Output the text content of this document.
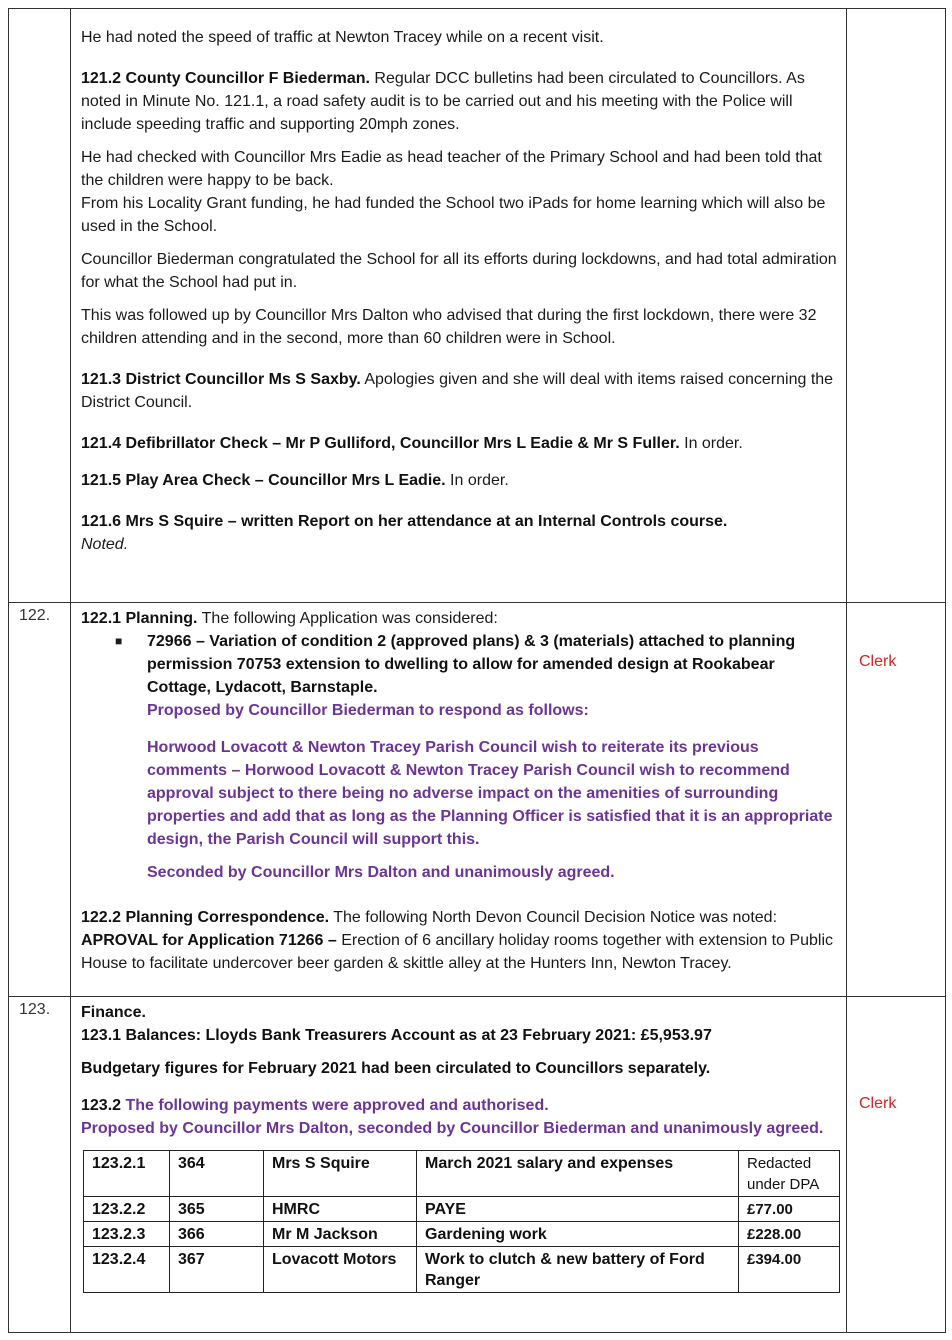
He had noted the speed of traffic at Newton Tracey while on a recent visit.

121.2 County Councillor F Biederman. Regular DCC bulletins had been circulated to Councillors. As noted in Minute No. 121.1, a road safety audit is to be carried out and his meeting with the Police will include speeding traffic and supporting 20mph zones.

He had checked with Councillor Mrs Eadie as head teacher of the Primary School and had been told that the children were happy to be back.

From his Locality Grant funding, he had funded the School two iPads for home learning which will also be used in the School.

Councillor Biederman congratulated the School for all its efforts during lockdowns, and had total admiration for what the School had put in.

This was followed up by Councillor Mrs Dalton who advised that during the first lockdown, there were 32 children attending and in the second, more than 60 children were in School.

121.3 District Councillor Ms S Saxby. Apologies given and she will deal with items raised concerning the District Council.

121.4 Defibrillator Check – Mr P Gulliford, Councillor Mrs L Eadie & Mr S Fuller. In order.

121.5 Play Area Check – Councillor Mrs L Eadie. In order.

121.6 Mrs S Squire – written Report on her attendance at an Internal Controls course.

Noted.

122.	122.1 Planning. The following Application was considered:

■ 72966 – Variation of condition 2 (approved plans) & 3 (materials) attached to planning permission 70753 extension to dwelling to allow for amended design at Rookabear Cottage, Lydacott, Barnstaple.

Proposed by Councillor Biederman to respond as follows:

Horwood Lovacott & Newton Tracey Parish Council wish to reiterate its previous comments – Horwood Lovacott & Newton Tracey Parish Council wish to recommend approval subject to there being no adverse impact on the amenities of surrounding properties and add that as long as the Planning Officer is satisfied that it is an appropriate design, the Parish Council will support this.

Seconded by Councillor Mrs Dalton and unanimously agreed.

122.2 Planning Correspondence. The following North Devon Council Decision Notice was noted:

APROVAL for Application 71266 – Erection of 6 ancillary holiday rooms together with extension to Public House to facilitate undercover beer garden & skittle alley at the Hunters Inn, Newton Tracey.

Clerk

123.	Finance.

123.1 Balances: Lloyds Bank Treasurers Account as at 23 February 2021: £5,953.97

Budgetary figures for February 2021 had been circulated to Councillors separately.

123.2 The following payments were approved and authorised.

Proposed by Councillor Mrs Dalton, seconded by Councillor Biederman and unanimously agreed.

123.2.1	364	Mrs S Squire	March 2021 salary and expenses	Redacted under DPA
123.2.2	365	HMRC	PAYE	£77.00
123.2.3	366	Mr M Jackson	Gardening work	£228.00
123.2.4	367	Lovacott Motors	Work to clutch & new battery of Ford Ranger	£394.00

Clerk
